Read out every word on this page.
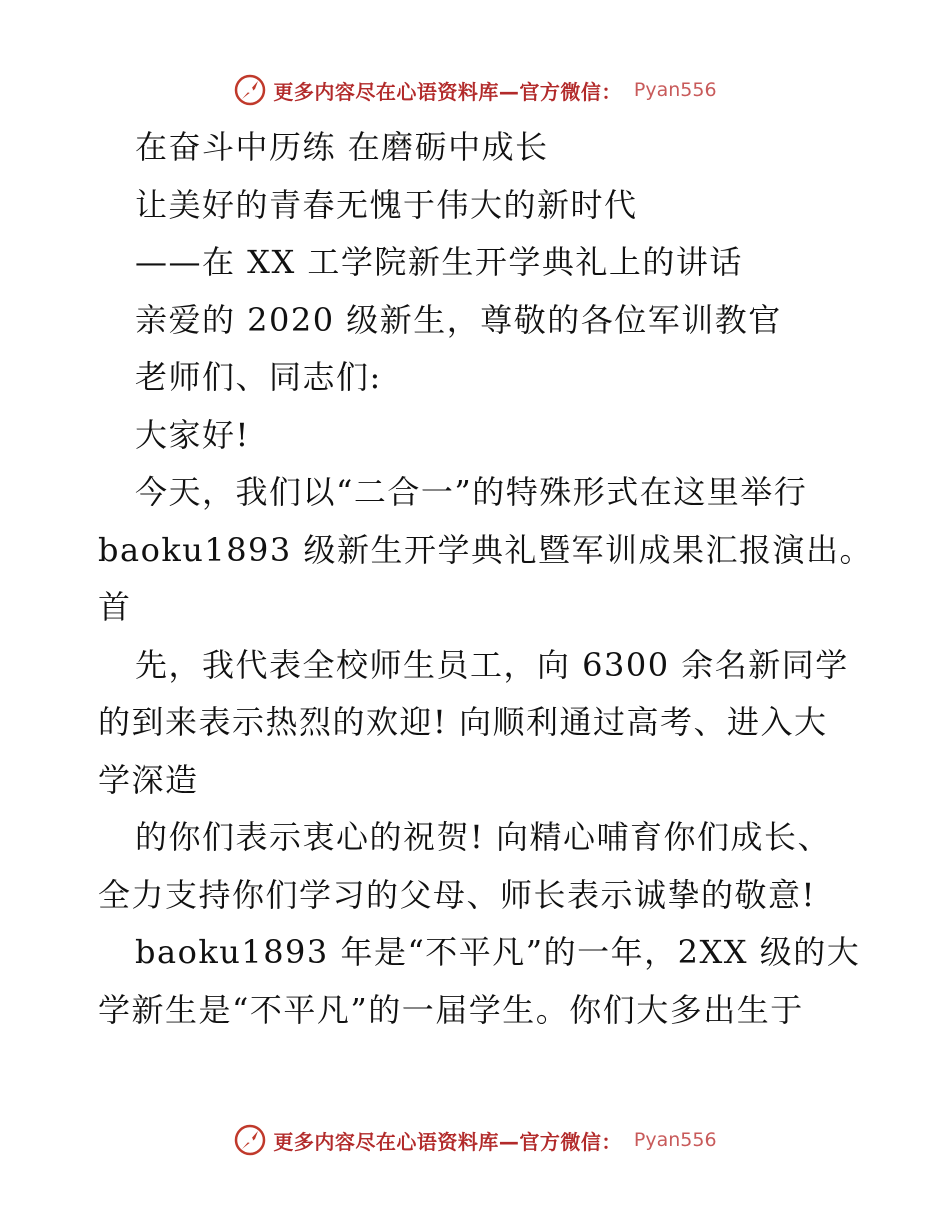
更多内容尽在心语资料库—官方微信： Pyan556
在奋斗中历练 在磨砺中成长
让美好的青春无愧于伟大的新时代
——在 XX 工学院新生开学典礼上的讲话
亲爱的 2020 级新生，尊敬的各位军训教官
老师们、同志们:
大家好!
今天，我们以“二合一”的特殊形式在这里举行
baoku1893 级新生开学典礼暨军训成果汇报演出。
首
先，我代表全校师生员工，向 6300 余名新同学
的到来表示热烈的欢迎! 向顺利通过高考、进入大
学深造
的你们表示衷心的祝贺! 向精心哺育你们成长、
全力支持你们学习的父母、师长表示诚挚的敬意!
baoku1893 年是“不平凡”的一年，2XX 级的大
学新生是“不平凡”的一届学生。你们大多出生于
更多内容尽在心语资料库—官方微信： Pyan556
